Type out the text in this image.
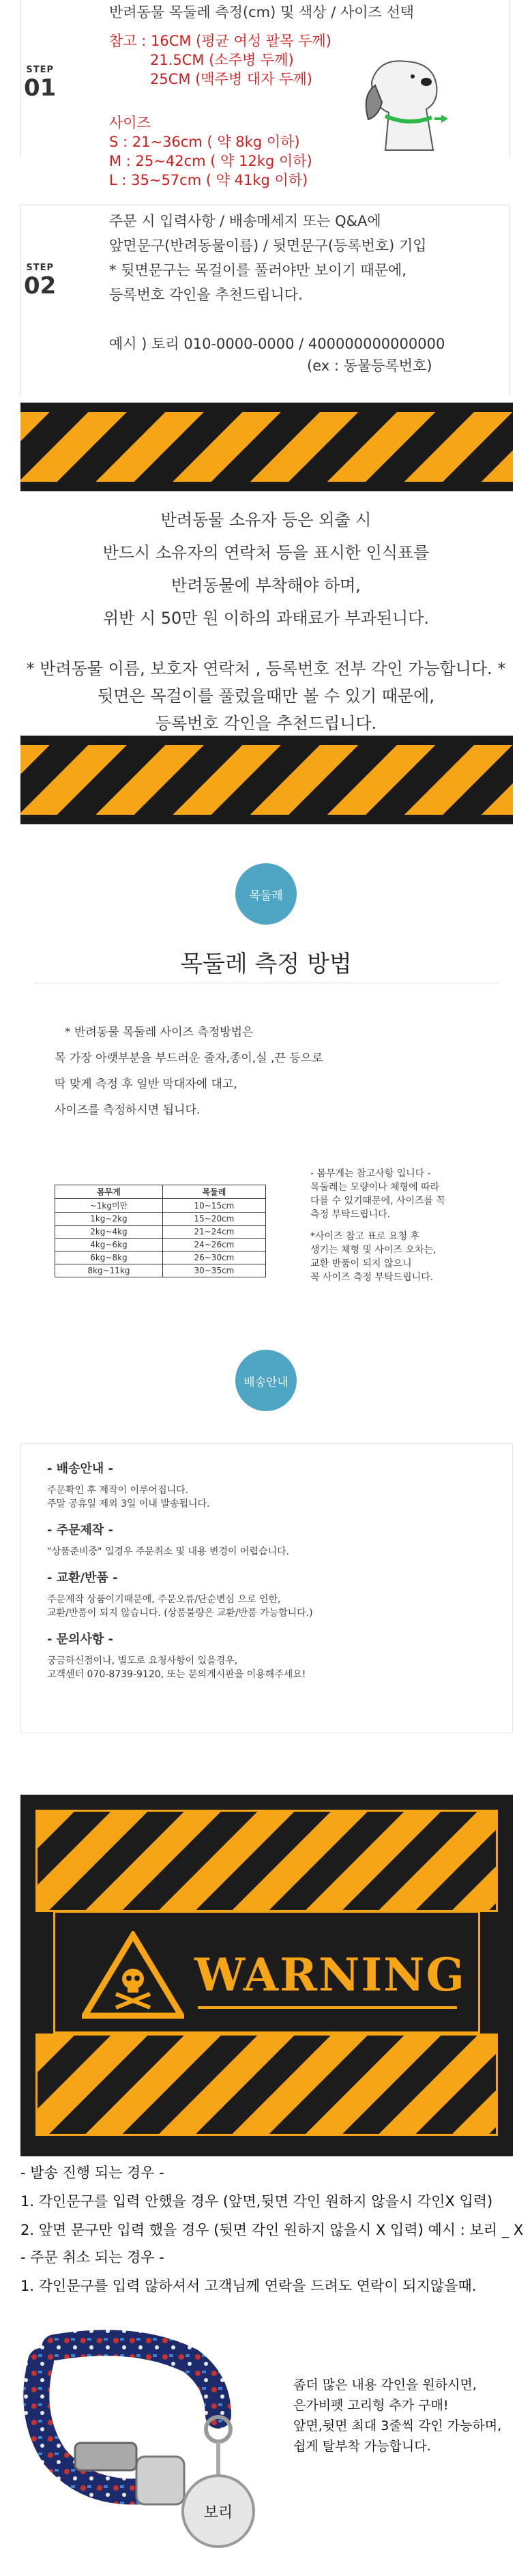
STEP
01
반려동물 목둘레 측정(cm) 및 색상 / 사이즈 선택
참고 : 16CM (평균 여성 팔목 두께)
21.5CM (소주병 두께)
25CM (맥주병 대자 두께)
사이즈
S : 21~36cm ( 약 8kg 이하)
M : 25~42cm ( 약 12kg 이하)
L : 35~57cm ( 약 41kg 이하)
STEP
02
주문 시 입력사항 / 배송메세지 또는 Q&A에
앞면문구(반려동물이름) / 뒷면문구(등록번호) 기입
* 뒷면문구는 목걸이를 풀러야만 보이기 때문에,
등록번호 각인을 추천드립니다.
예시 ) 토리 010-0000-0000 / 400000000000000
(ex : 동물등록번호)
반려동물 소유자 등은 외출 시
반드시 소유자의 연락처 등을 표시한 인식표를
반려동물에 부착해야 하며,
위반 시 50만 원 이하의 과태료가 부과된니다.
* 반려동물 이름, 보호자 연락처 , 등록번호 전부 각인 가능합니다. *
뒷면은 목걸이를 풀렀을때만 볼 수 있기 때문에,
등록번호 각인을 추천드립니다.
목둘레
목둘레 측정 방법
* 반려동물 목둘레 사이즈 측정방법은
목 가장 아랫부분을 부드러운 줄자,종이,실 ,끈 등으로
딱 맞게 측정 후 일반 막대자에 대고,
사이즈를 측정하시면 됩니다.
몸무게	목둘레
~1kg미만	10~15cm
1kg~2kg	15~20cm
2kg~4kg	21~24cm
4kg~6kg	24~26cm
6kg~8kg	26~30cm
8kg~11kg	30~35cm
- 몸무게는 참고사항 입니다 -
목둘레는 모량이나 체형에 따라
다를 수 있기때문에, 사이즈를 꼭
측정 부탁드립니다.
*사이즈 참고 표로 요청 후
생기는 체형 및 사이즈 오차는,
교환 반품이 되지 않으니
꼭 사이즈 측정 부탁드립니다.
배송안내
- 배송안내 -

주문확인 후 제작이 이루어집니다.
주말 공휴일 제외 3일 이내 발송됩니다.

- 주문제작 -

"상품준비중" 일경우 주문취소 및 내용 변경이 어렵습니다.

- 교환/반품 -

주문제작 상품이기때문에, 주문오류/단순변심 으로 인한,
교환/반품이 되지 않습니다. (상품불량은 교환/반품 가능합니다.)

- 문의사항 -

궁금하신점이나, 별도로 요청사항이 있을경우,
고객센터 070-8739-9120, 또는 문의게시판을 이용해주세요!

WARNING
- 발송 진행 되는 경우 -
1. 각인문구를 입력 안했을 경우 (앞면,뒷면 각인 원하지 않을시 각인X 입력)
2. 앞면 문구만 입력 했을 경우 (뒷면 각인 원하지 않을시 X 입력) 예시 : 보리 _ X
- 주문 취소 되는 경우 -
1. 각인문구를 입력 않하셔서 고객님께 연락을 드려도 연락이 되지않을때.
보리
좀더 많은 내용 각인을 원하시면,
은가비펫 고리형 추가 구매!
앞면,뒷면 최대 3줄씩 각인 가능하며,
쉽게 탈부착 가능합니다.
